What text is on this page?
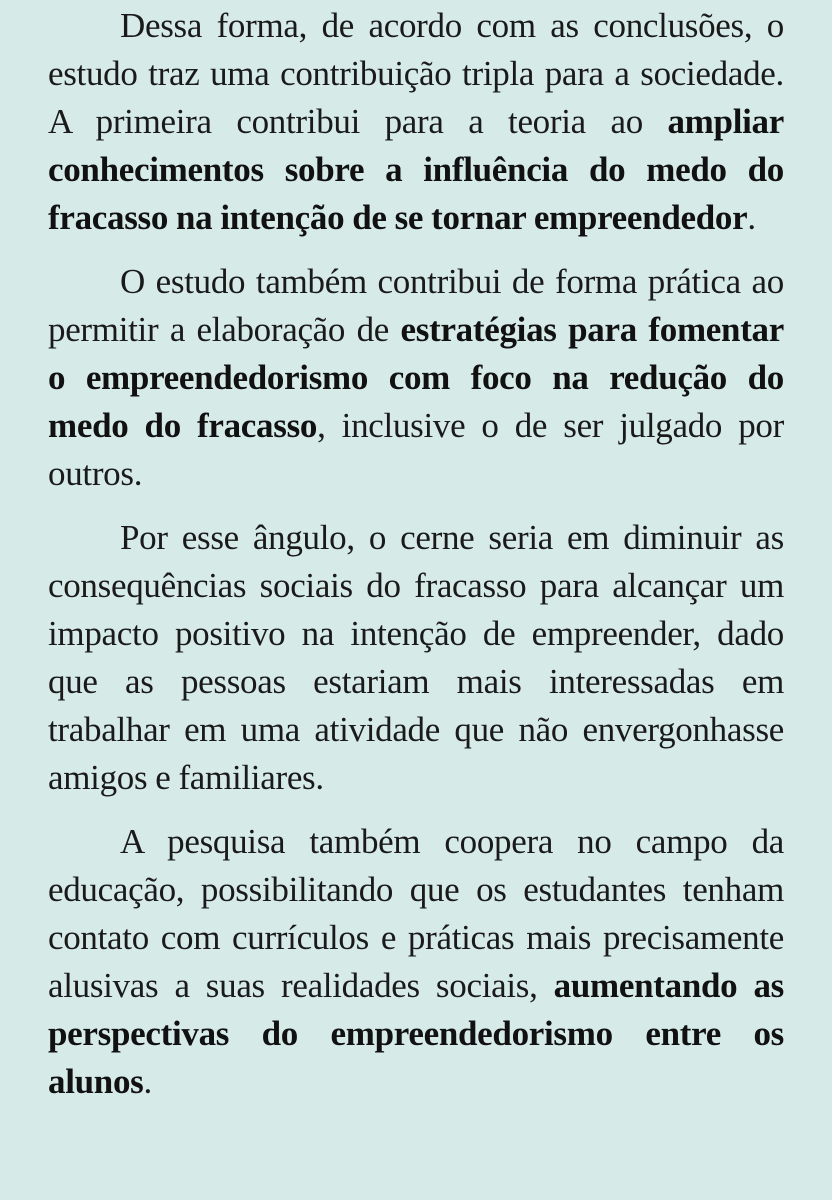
Dessa forma, de acordo com as conclusões, o estudo traz uma contribuição tripla para a sociedade. A primeira contribui para a teoria ao ampliar conhecimentos sobre a influência do medo do fracasso na intenção de se tornar empreendedor.

O estudo também contribui de forma prática ao permitir a elaboração de estratégias para fomentar o empreendedorismo com foco na redução do medo do fracasso, inclusive o de ser julgado por outros.

Por esse ângulo, o cerne seria em diminuir as consequências sociais do fracasso para alcançar um impacto positivo na intenção de empreender, dado que as pessoas estariam mais interessadas em trabalhar em uma atividade que não envergonhasse amigos e familiares.

A pesquisa também coopera no campo da educação, possibilitando que os estudantes tenham contato com currículos e práticas mais precisamente alusivas a suas realidades sociais, aumentando as perspectivas do empreendedorismo entre os alunos.
